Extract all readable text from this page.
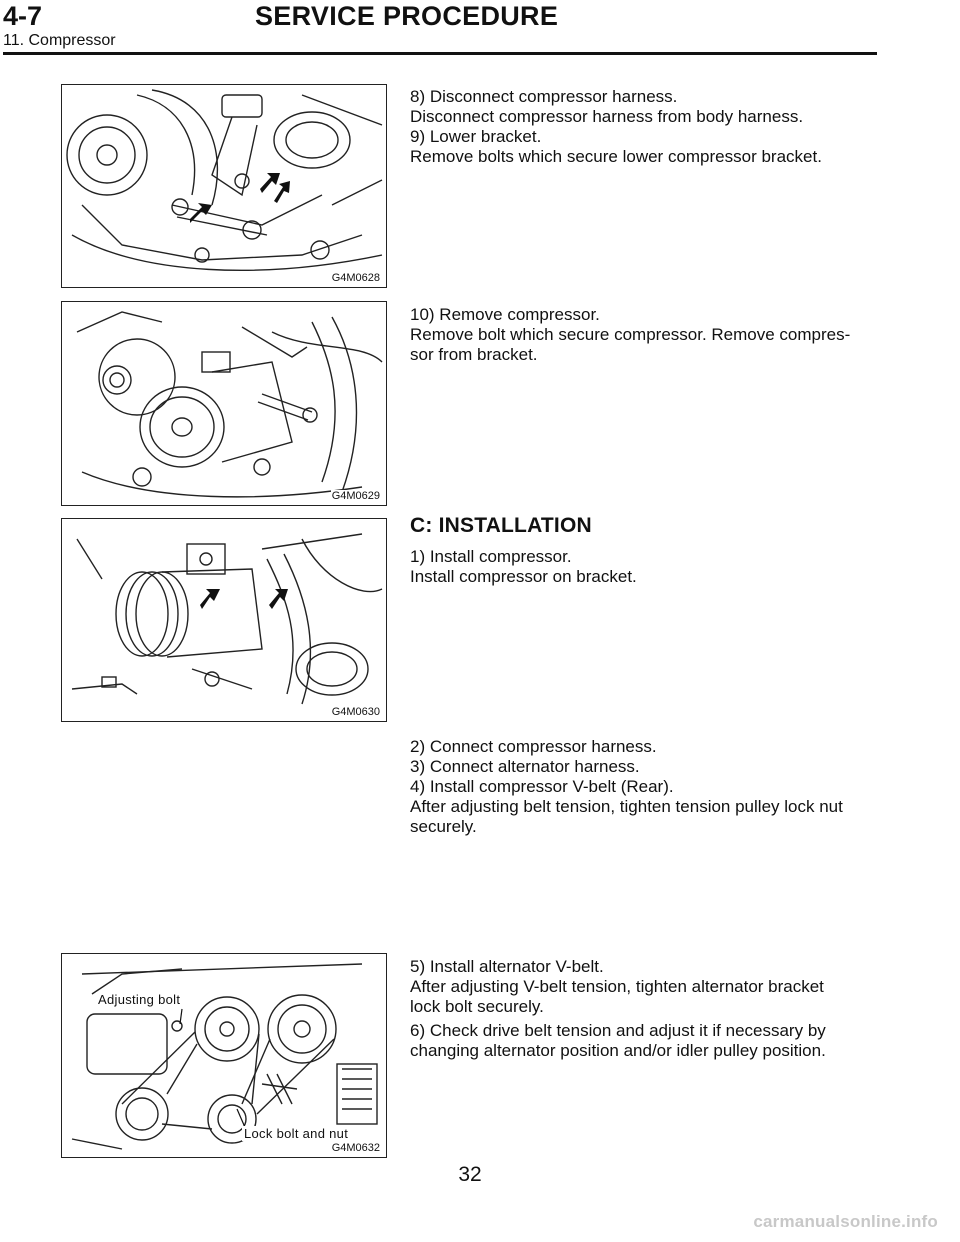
4-7	SERVICE PROCEDURE
11. Compressor
G4M0628

8) Disconnect compressor harness.

Disconnect compressor harness from body harness.

9) Lower bracket.

Remove bolts which secure lower compressor bracket.

G4M0629

10) Remove compressor.

Remove bolt which secure compressor. Remove compres-

sor from bracket.

G4M0630
C: INSTALLATION

1) Install compressor.

Install compressor on bracket.

2) Connect compressor harness.

3) Connect alternator harness.

4) Install compressor V-belt (Rear).

After adjusting belt tension, tighten tension pulley lock nut

securely.

Adjusting bolt
Lock bolt and nut
G4M0632

5) Install alternator V-belt.

After adjusting V-belt tension, tighten alternator bracket

lock bolt securely.

6) Check drive belt tension and adjust it if necessary by

changing alternator position and/or idler pulley position.

32
carmanualsonline.info
